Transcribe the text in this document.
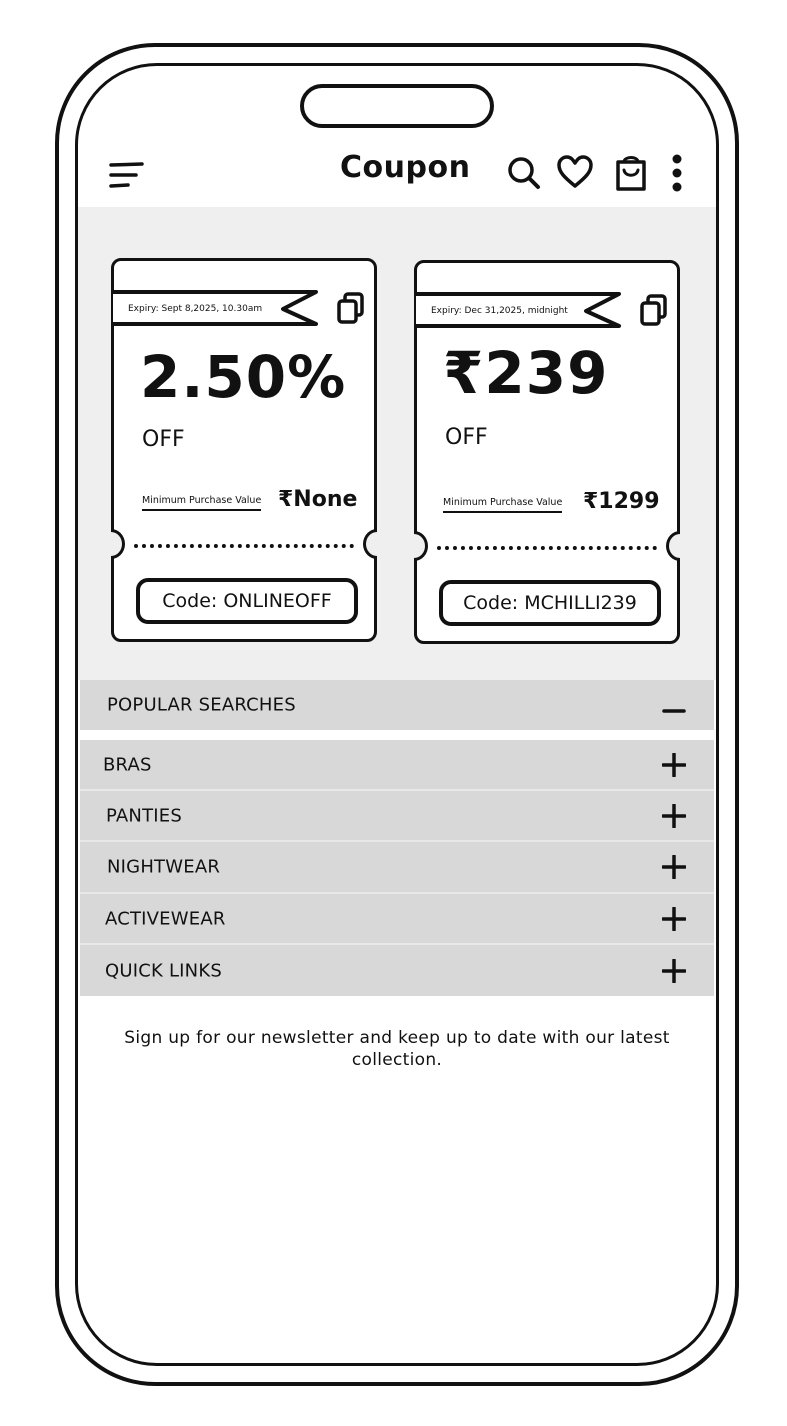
Coupon
Expiry: Sept 8,2025, 10.30am
2.50%
OFF
Minimum Purchase Value ₹None
Code: ONLINEOFF
Expiry: Dec 31,2025, midnight
₹239
OFF
Minimum Purchase Value ₹1299
Code: MCHILLI239
POPULAR SEARCHES
BRAS
PANTIES
NIGHTWEAR
ACTIVEWEAR
QUICK LINKS
Sign up for our newsletter and keep up to date with our latest collection.
